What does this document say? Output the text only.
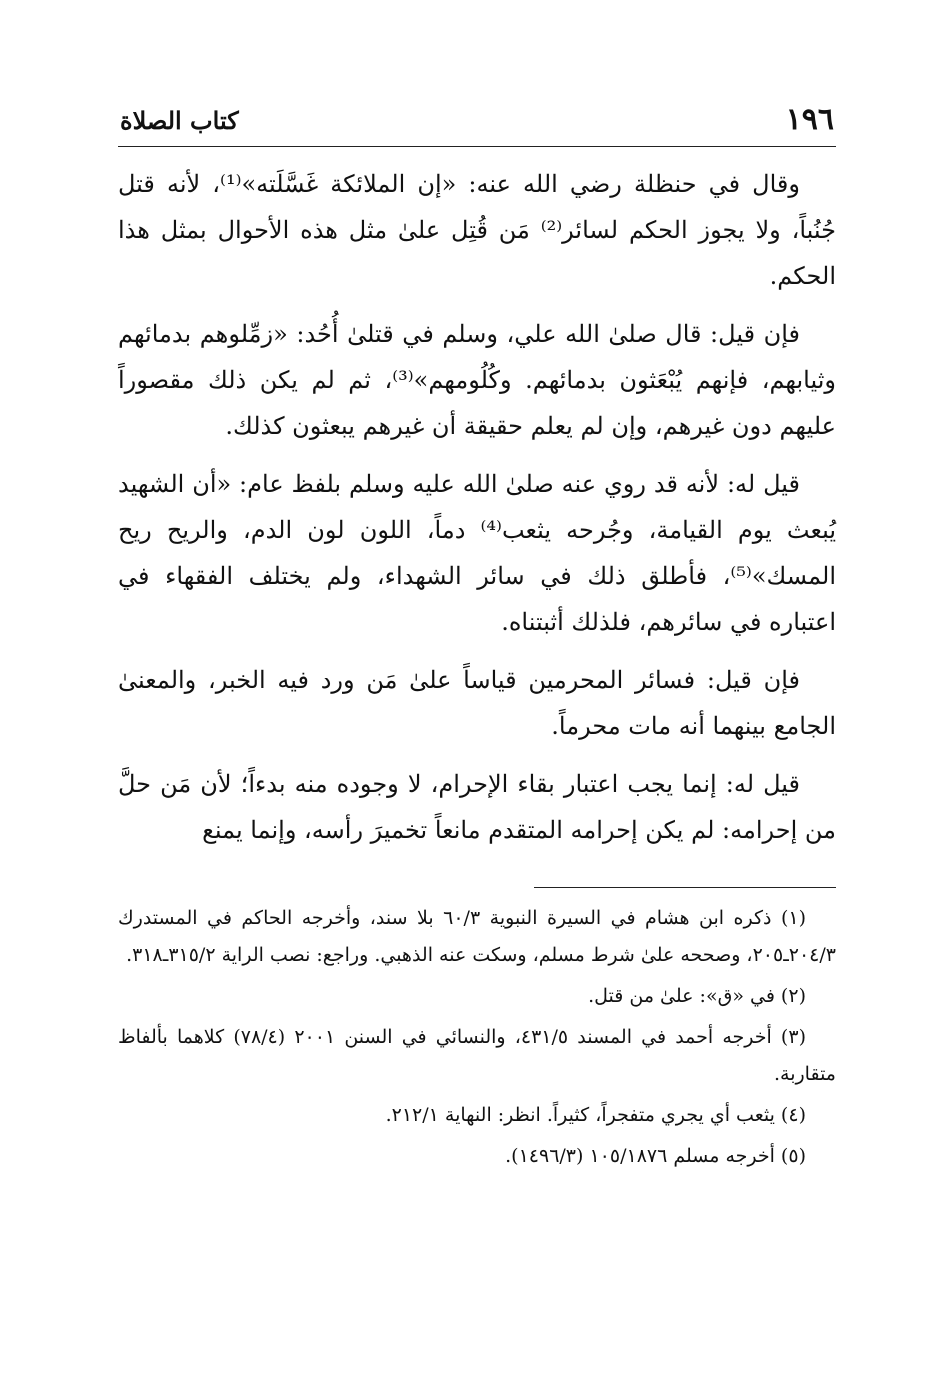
١٩٦
كتاب الصلاة

وقال في حنظلة رضي الله عنه: «إن الملائكة غَسَّلَته»⁽¹⁾، لأنه قتل جُنُباً، ولا يجوز الحكم لسائر⁽²⁾ مَن قُتِل علىٰ مثل هذه الأحوال بمثل هذا الحكم.

فإن قيل: قال صلىٰ الله علي، وسلم في قتلىٰ أُحُد: «زمِّلوهم بدمائهم وثيابهم، فإنهم يُبْعَثون بدمائهم. وكُلُومهم»⁽³⁾، ثم لم يكن ذلك مقصوراً عليهم دون غيرهم، وإن لم يعلم حقيقة أن غيرهم يبعثون كذلك.

قيل له: لأنه قد روي عنه صلىٰ الله عليه وسلم بلفظ عام: «أن الشهيد يُبعث يوم القيامة، وجُرحه يثعب⁽⁴⁾ دماً، اللون لون الدم، والريح ريح المسك»⁽⁵⁾، فأطلق ذلك في سائر الشهداء، ولم يختلف الفقهاء في اعتباره في سائرهم، فلذلك أثبتناه.

فإن قيل: فسائر المحرمين قياساً علىٰ مَن ورد فيه الخبر، والمعنىٰ الجامع بينهما أنه مات محرماً.

قيل له: إنما يجب اعتبار بقاء الإحرام، لا وجوده منه بدءاً؛ لأن مَن حلَّ من إحرامه: لم يكن إحرامه المتقدم مانعاً تخميرَ رأسه، وإنما يمنع

(١) ذكره ابن هشام في السيرة النبوية ٦٠/٣ بلا سند، وأخرجه الحاكم في المستدرك ٢٠٤/٣ـ٢٠٥، وصححه علىٰ شرط مسلم، وسكت عنه الذهبي. وراجع: نصب الراية ٣١٥/٢ـ٣١٨.

(٢) في «ق»: علىٰ من قتل.

(٣) أخرجه أحمد في المسند ٤٣١/٥، والنسائي في السنن ٢٠٠١ (٧٨/٤) كلاهما بألفاظ متقاربة.

(٤) يثعب أي يجري متفجراً، كثيراً. انظر: النهاية ٢١٢/١.

(٥) أخرجه مسلم ١٠٥/١٨٧٦ (١٤٩٦/٣).
